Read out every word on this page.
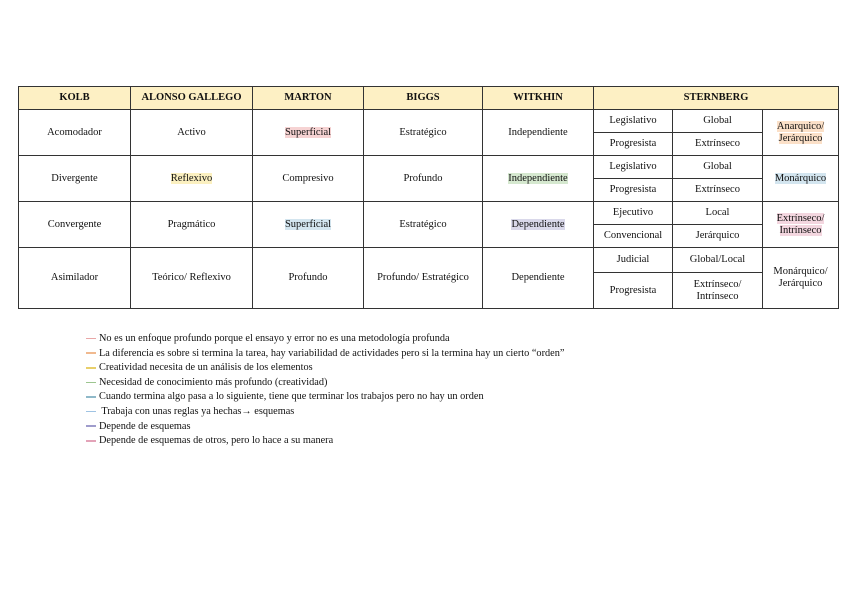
KOLB	ALONSO GALLEGO	MARTON	BIGGS	WITKHIN	STERNBERG		
Acomodador	Activo	Superficial	Estratégico	Independiente	Legislativo	Global	Anarquico/ Jerárquico
					Progresista	Extrínseco	
Divergente	Reflexivo	Compresivo	Profundo	Independiente	Legislativo	Global	Monárquico
					Progresista	Extrínseco	
Convergente	Pragmático	Superficial	Estratégico	Dependiente	Ejecutivo	Local	Extrínseco/ Intrínseco
					Convencional	Jerárquico	
Asimilador	Teórico/ Reflexivo	Profundo	Profundo/ Estratégico	Dependiente	Judicial	Global/Local	Monárquico/ Jerárquico
					Progresista	Extrínseco/ Intrínseco	
No es un enfoque profundo porque el ensayo y error no es una metodología profunda
La diferencia es sobre si termina la tarea, hay variabilidad de actividades pero si la termina hay un cierto “orden”
Creatividad necesita de un análisis de los elementos
Necesidad de conocimiento más profundo (creatividad)
Cuando termina algo pasa a lo siguiente, tiene que terminar los trabajos pero no hay un orden
Trabaja con unas reglas ya hechas→ esquemas
Depende de esquemas
Depende de esquemas de otros, pero lo hace a su manera
